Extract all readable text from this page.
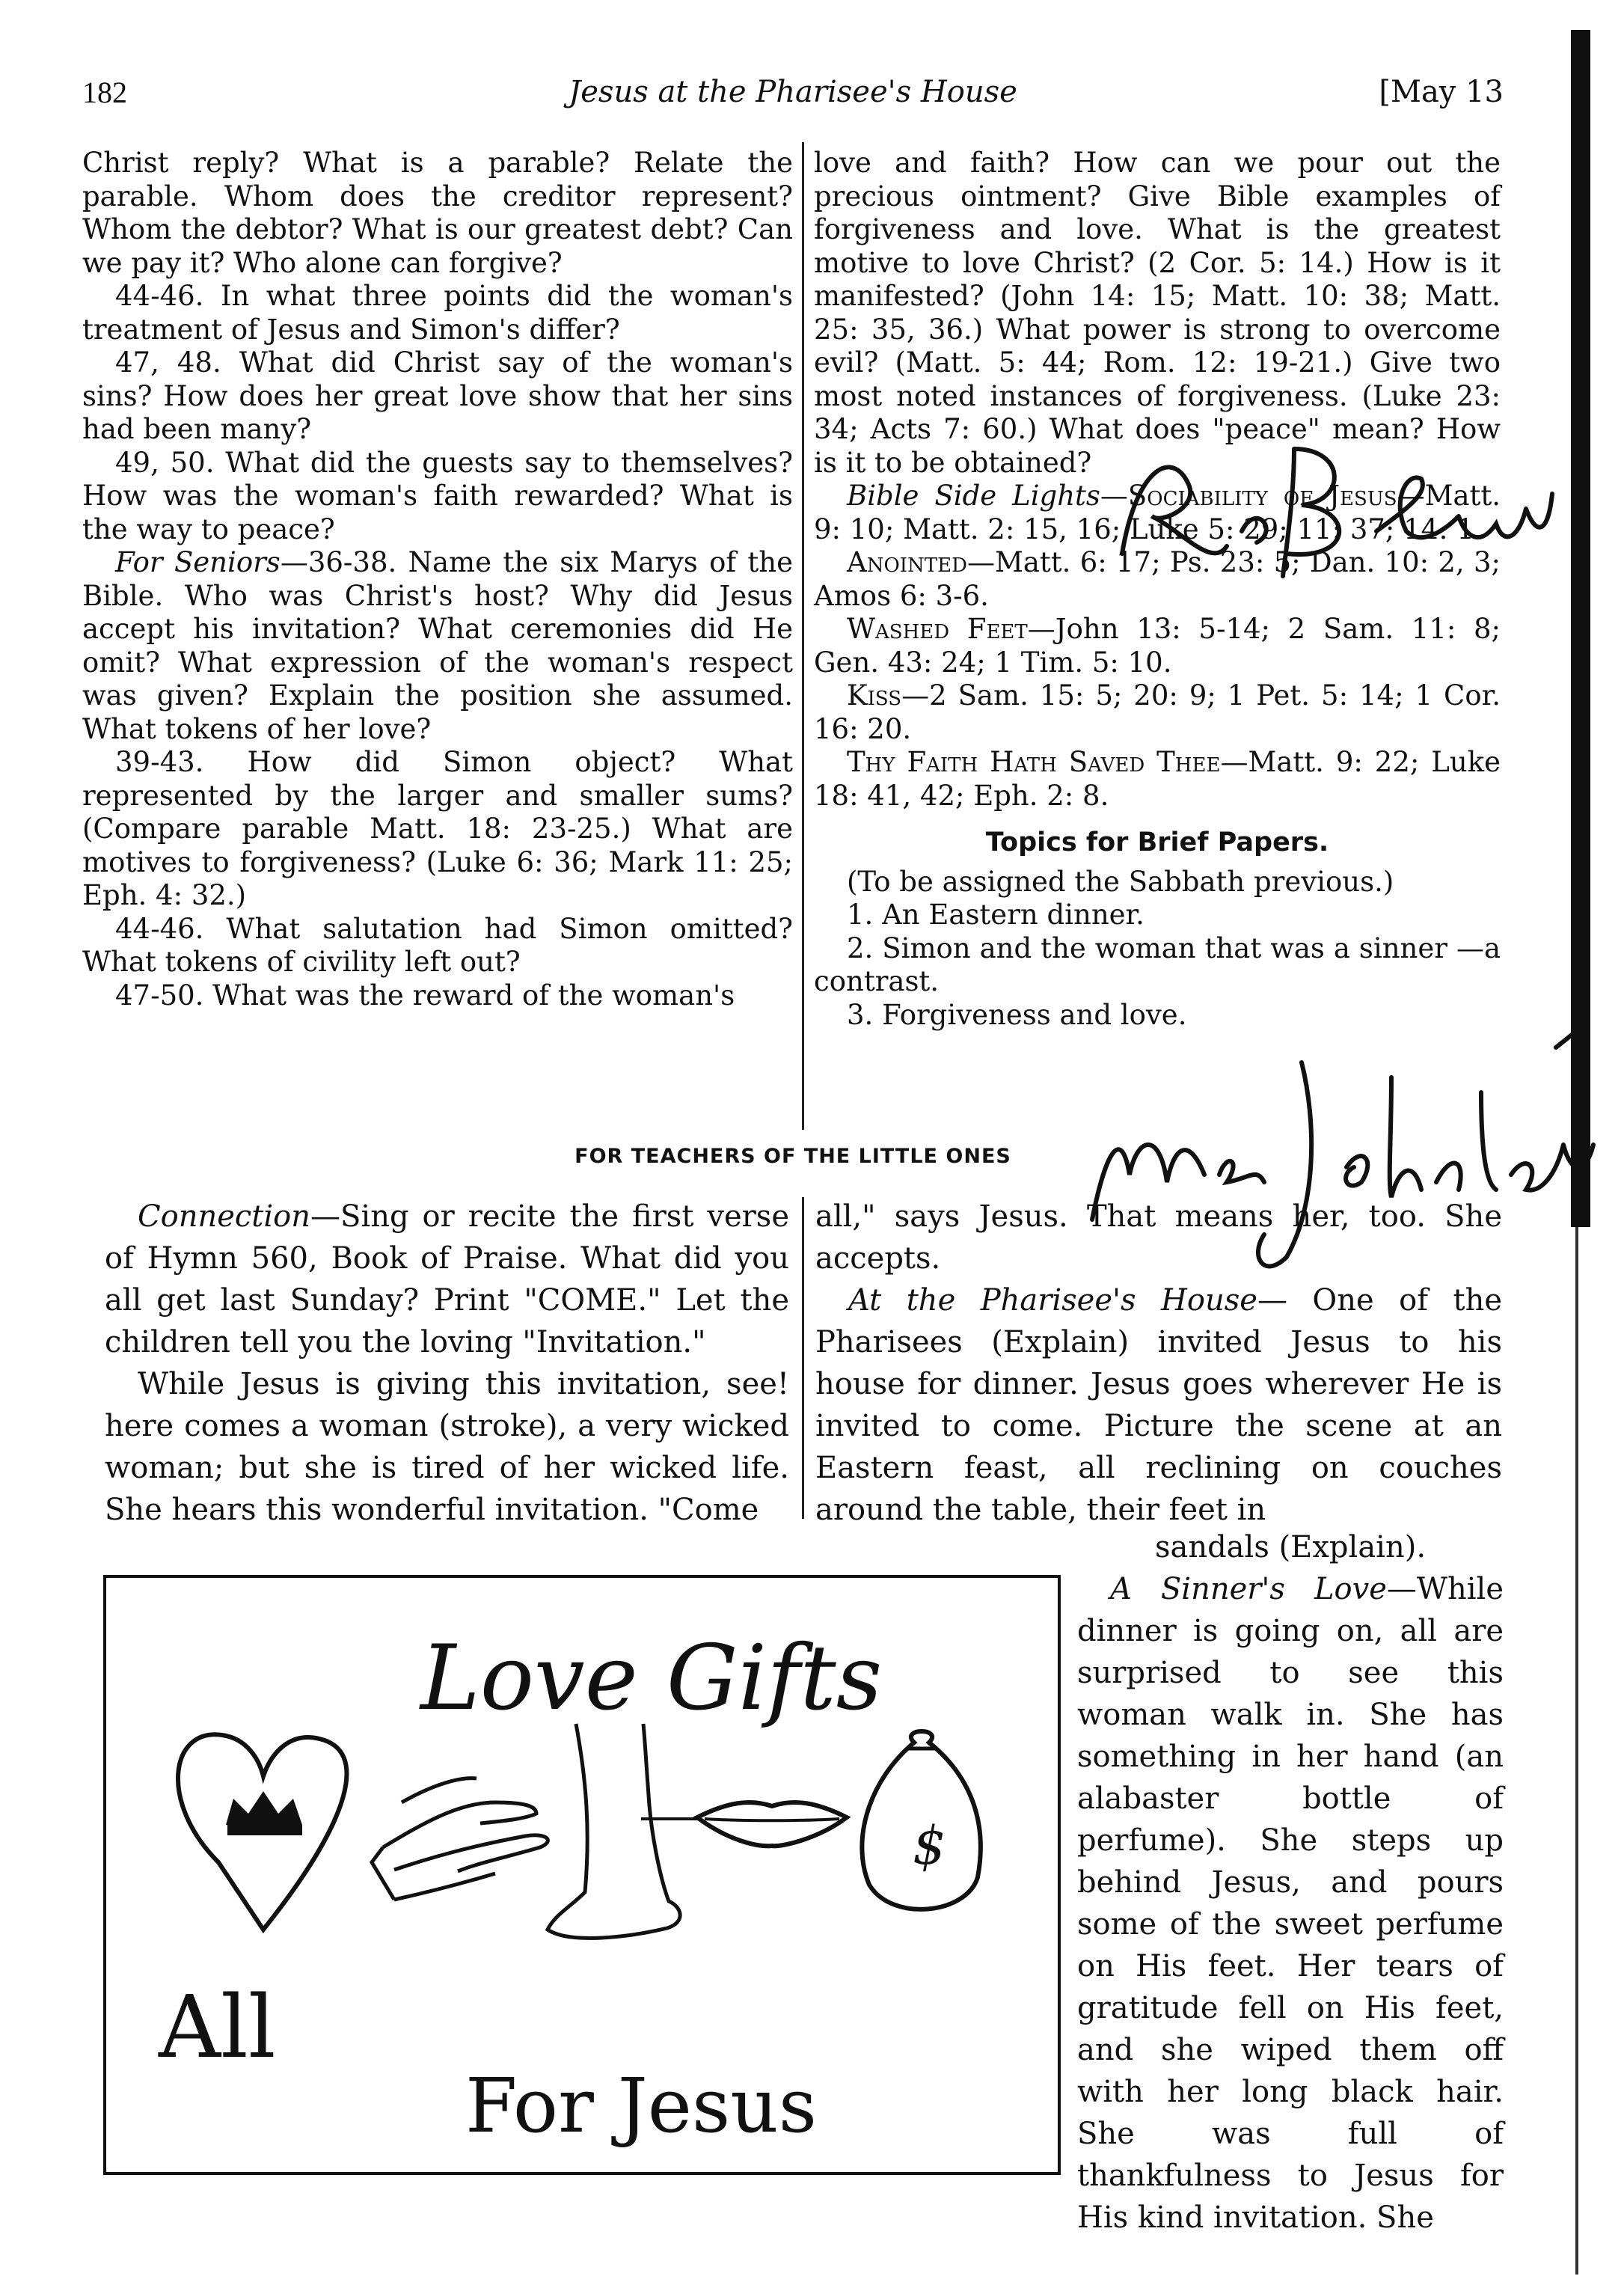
182	Jesus at the Pharisee's House	[May 13

Christ reply? What is a parable? Relate the parable. Whom does the creditor represent? Whom the debtor? What is our greatest debt? Can we pay it? Who alone can forgive?

44-46. In what three points did the woman's treatment of Jesus and Simon's differ?

47, 48. What did Christ say of the woman's sins? How does her great love show that her sins had been many?

49, 50. What did the guests say to themselves? How was the woman's faith rewarded? What is the way to peace?

For Seniors—36-38. Name the six Marys of the Bible. Who was Christ's host? Why did Jesus accept his invitation? What ceremonies did He omit? What expression of the woman's respect was given? Explain the position she assumed. What tokens of her love?

39-43. How did Simon object? What represented by the larger and smaller sums? (Compare parable Matt. 18: 23-25.) What are motives to forgiveness? (Luke 6: 36; Mark 11: 25; Eph. 4: 32.)

44-46. What salutation had Simon omitted? What tokens of civility left out?

47-50. What was the reward of the woman's

love and faith? How can we pour out the precious ointment? Give Bible examples of forgiveness and love. What is the greatest motive to love Christ? (2 Cor. 5: 14.) How is it manifested? (John 14: 15; Matt. 10: 38; Matt. 25: 35, 36.) What power is strong to overcome evil? (Matt. 5: 44; Rom. 12: 19-21.) Give two most noted instances of forgiveness. (Luke 23: 34; Acts 7: 60.) What does "peace" mean? How is it to be obtained?

Bible Side Lights—Sociability of Jesus—Matt. 9: 10; Matt. 2: 15, 16; Luke 5: 29; 11: 37; 14: 1.

Anointed—Matt. 6: 17; Ps. 23: 5; Dan. 10: 2, 3; Amos 6: 3-6.

Washed Feet—John 13: 5-14; 2 Sam. 11: 8; Gen. 43: 24; 1 Tim. 5: 10.

Kiss—2 Sam. 15: 5; 20: 9; 1 Pet. 5: 14; 1 Cor. 16: 20.

Thy Faith Hath Saved Thee—Matt. 9: 22; Luke 18: 41, 42; Eph. 2: 8.

Topics for Brief Papers.

(To be assigned the Sabbath previous.)

1. An Eastern dinner.

2. Simon and the woman that was a sinner —a contrast.

3. Forgiveness and love.

FOR TEACHERS OF THE LITTLE ONES

Connection—Sing or recite the first verse of Hymn 560, Book of Praise. What did you all get last Sunday? Print "COME." Let the children tell you the loving "Invitation."

While Jesus is giving this invitation, see! here comes a woman (stroke), a very wicked woman; but she is tired of her wicked life. She hears this wonderful invitation. "Come

all," says Jesus. That means her, too. She accepts.

At the Pharisee's House— One of the Pharisees (Explain) invited Jesus to his house for dinner. Jesus goes wherever He is invited to come. Picture the scene at an Eastern feast, all reclining on couches around the table, their feet in

sandals (Explain).

A Sinner's Love—While dinner is going on, all are surprised to see this woman walk in. She has something in her hand (an alabaster bottle of perfume). She steps up behind Jesus, and pours some of the sweet perfume on His feet. Her tears of gratitude fell on His feet, and she wiped them off with her long black hair. She was full of thankfulness to Jesus for His kind invitation. She

Love Gifts
$
All
For Jesus
